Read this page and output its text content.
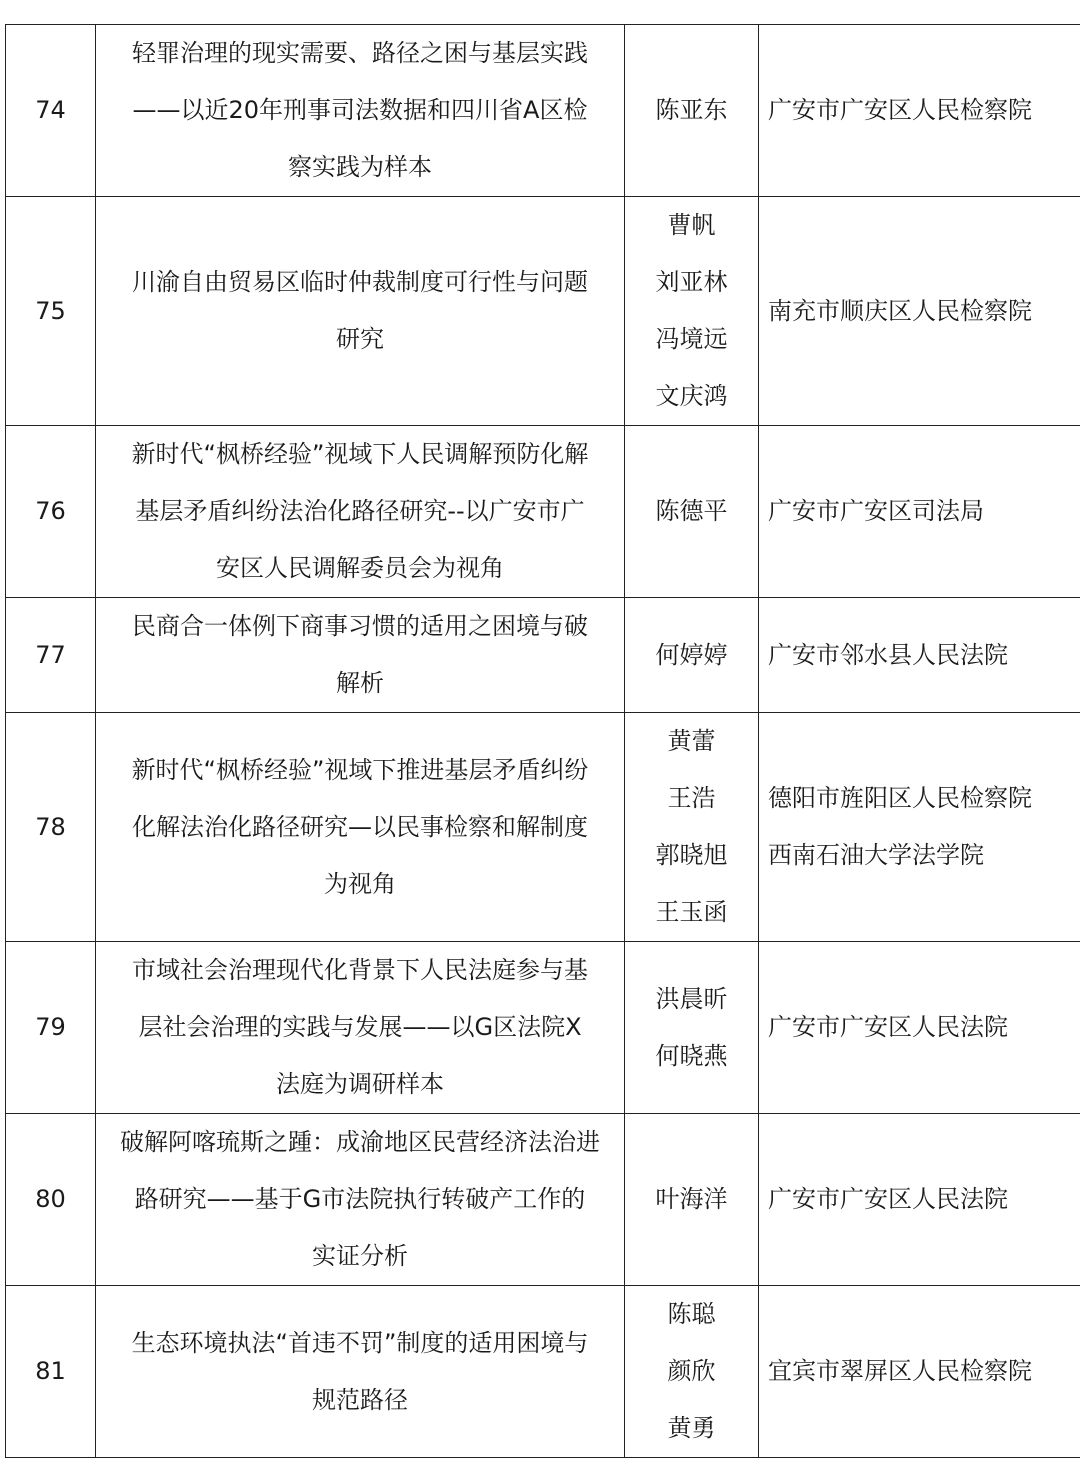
74	轻罪治理的现实需要、路径之困与基层实践
——以近20年刑事司法数据和四川省A区检
察实践为样本	陈亚东	广安市广安区人民检察院

75	川渝自由贸易区临时仲裁制度可行性与问题
研究	曹帆
刘亚林
冯境远
文庆鸿	南充市顺庆区人民检察院

76	新时代“枫桥经验”视域下人民调解预防化解
基层矛盾纠纷法治化路径研究--以广安市广
安区人民调解委员会为视角	陈德平	广安市广安区司法局

77	民商合一体例下商事习惯的适用之困境与破
解析	何婷婷	广安市邻水县人民法院

78	新时代“枫桥经验”视域下推进基层矛盾纠纷
化解法治化路径研究—以民事检察和解制度
为视角	黄蕾
王浩
郭晓旭
王玉函	德阳市旌阳区人民检察院
西南石油大学法学院

79	市域社会治理现代化背景下人民法庭参与基
层社会治理的实践与发展——以G区法院X
法庭为调研样本	洪晨昕
何晓燕	广安市广安区人民法院

80	破解阿喀琉斯之踵：成渝地区民营经济法治进
路研究——基于G市法院执行转破产工作的
实证分析	叶海洋	广安市广安区人民法院

81	生态环境执法“首违不罚”制度的适用困境与
规范路径	陈聪
颜欣
黄勇	宜宾市翠屏区人民检察院
